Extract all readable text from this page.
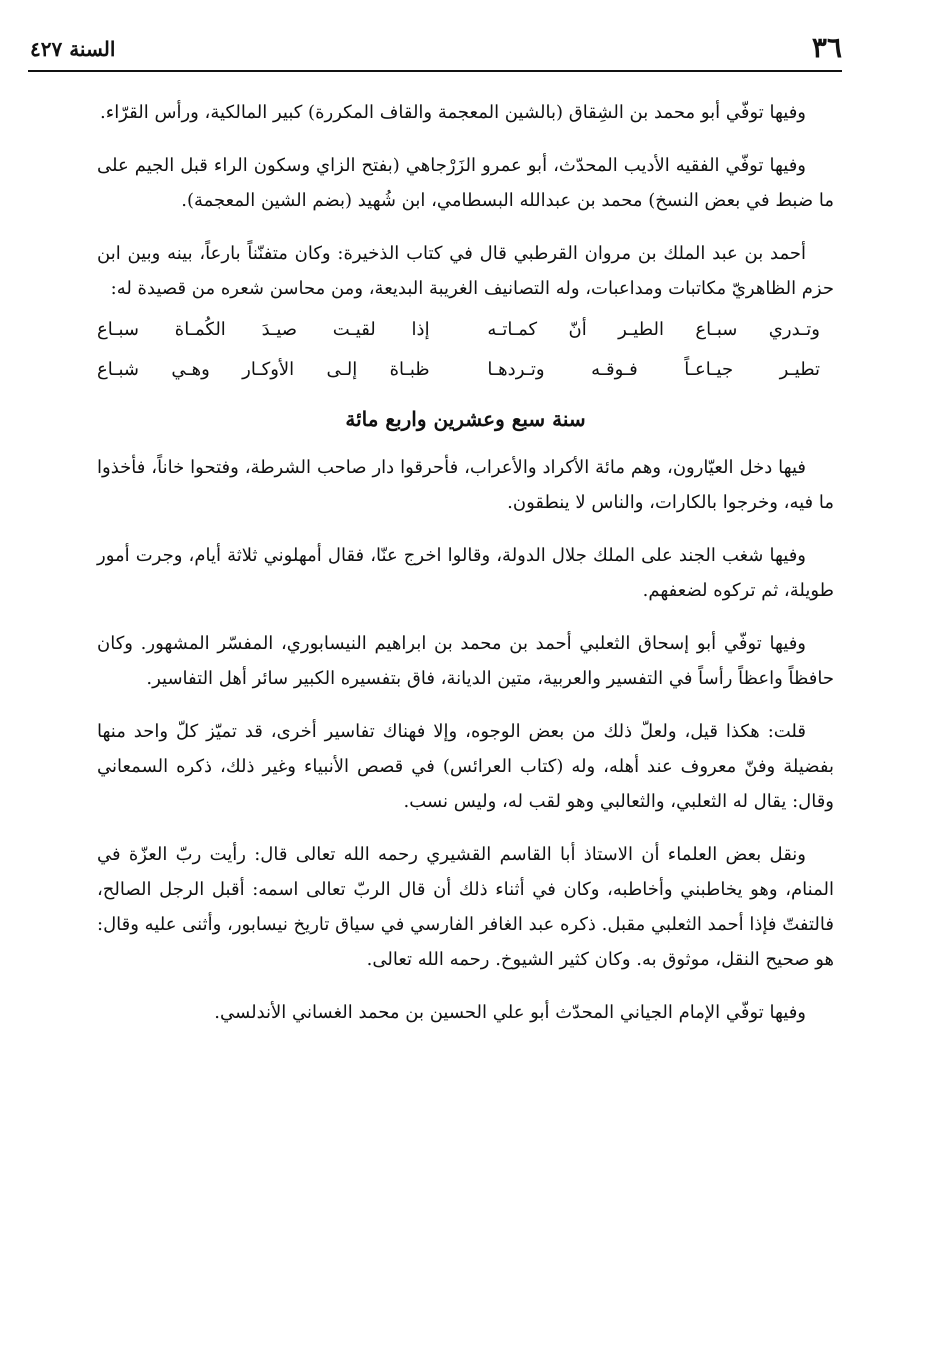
٣٦
السنة ٤٢٧

وفيها توفّي أبو محمد بن الشِقاق (بالشين المعجمة والقاف المكررة) كبير المالكية، ورأس القرّاء.

وفيها توفّي الفقيه الأديب المحدّث، أبو عمرو الزَرْجاهي (بفتح الزاي وسكون الراء قبل الجيم على ما ضبط في بعض النسخ) محمد بن عبدالله البسطامي، ابن شُهيد (بضم الشين المعجمة).

أحمد بن عبد الملك بن مروان القرطبي قال في كتاب الذخيرة: وكان متفنّناً بارعاً، بينه وبين ابن حزم الظاهريّ مكاتبات ومداعبات، وله التصانيف الغريبة البديعة، ومن محاسن شعره من قصيدة له:

وتـدري سبـاع الطيـر أنّ كمـاتـه
إذا لقيـت صيـدَ الكُمـاة سبـاع
تطيـر جيـاعـاً فـوقـه وتـردهـا
ظبـاة إلـى الأوكـار وهـي شبـاع
سنة سبع وعشرين واربع مائة

فيها دخل العيّارون، وهم مائة الأكراد والأعراب، فأحرقوا دار صاحب الشرطة، وفتحوا خاناً، فأخذوا ما فيه، وخرجوا بالكارات، والناس لا ينطقون.

وفيها شغب الجند على الملك جلال الدولة، وقالوا اخرج عنّا، فقال أمهلوني ثلاثة أيام، وجرت أمور طويلة، ثم تركوه لضعفهم.

وفيها توفّي أبو إسحاق الثعلبي أحمد بن محمد بن ابراهيم النيسابوري، المفسّر المشهور. وكان حافظاً واعظاً رأساً في التفسير والعربية، متين الديانة، فاق بتفسيره الكبير سائر أهل التفاسير.

قلت: هكذا قيل، ولعلّ ذلك من بعض الوجوه، وإلا فهناك تفاسير أخرى، قد تميّز كلّ واحد منها بفضيلة وفنّ معروف عند أهله، وله (كتاب العرائس) في قصص الأنبياء وغير ذلك، ذكره السمعاني وقال: يقال له الثعلبي، والثعالبي وهو لقب له، وليس نسب.

ونقل بعض العلماء أن الاستاذ أبا القاسم القشيري رحمه الله تعالى قال: رأيت ربّ العزّة في المنام، وهو يخاطبني وأخاطبه، وكان في أثناء ذلك أن قال الربّ تعالى اسمه: أقبل الرجل الصالح، فالتفتّ فإذا أحمد الثعلبي مقبل. ذكره عبد الغافر الفارسي في سياق تاريخ نيسابور، وأثنى عليه وقال: هو صحيح النقل، موثوق به. وكان كثير الشيوخ. رحمه الله تعالى.

وفيها توفّي الإمام الجياني المحدّث أبو علي الحسين بن محمد الغساني الأندلسي.
